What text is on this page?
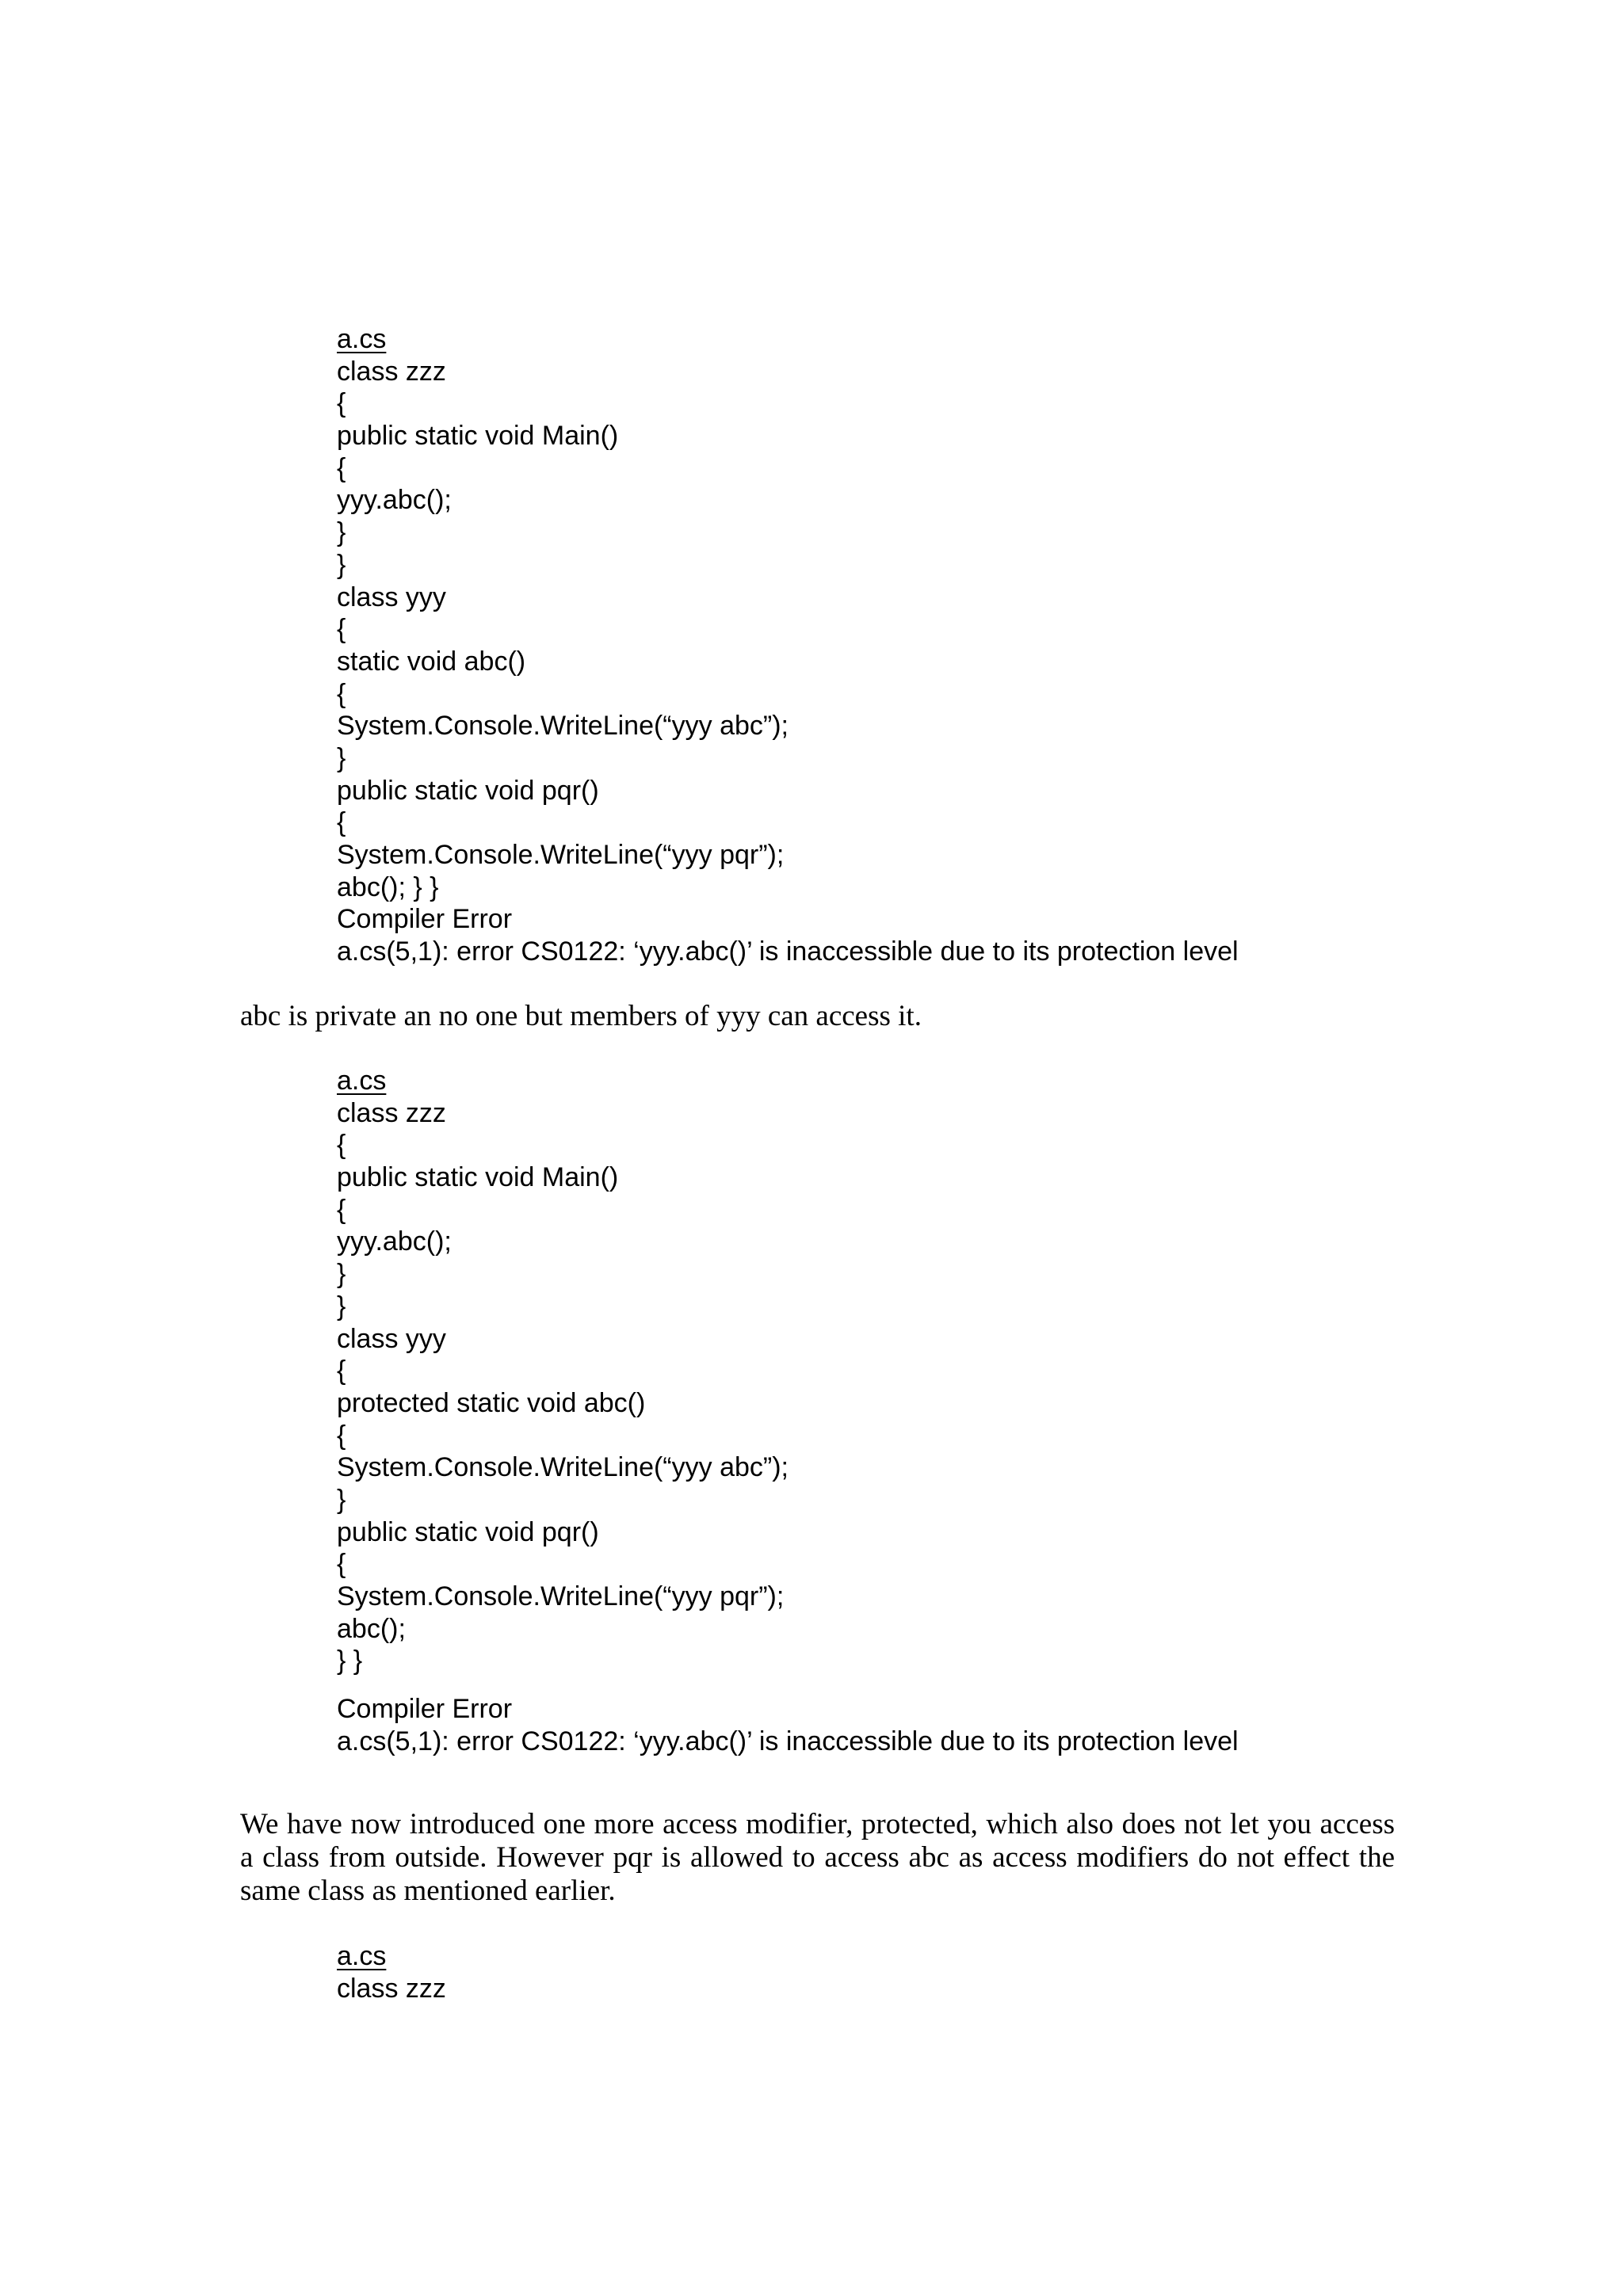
a.cs
class zzz
{
public static void Main()
{
yyy.abc();
}
}
class yyy
{
static void abc()
{
System.Console.WriteLine(“yyy abc”);
}
public static void pqr()
{
System.Console.WriteLine(“yyy pqr”);
abc(); } }
Compiler Error
a.cs(5,1): error CS0122: ‘yyy.abc()’ is inaccessible due to its protection level

abc is private an no one but members of yyy can access it.

a.cs
class zzz
{
public static void Main()
{
yyy.abc();
}
}
class yyy
{
protected static void abc()
{
System.Console.WriteLine(“yyy abc”);
}
public static void pqr()
{
System.Console.WriteLine(“yyy pqr”);
abc();
} }
Compiler Error
a.cs(5,1): error CS0122: ‘yyy.abc()’ is inaccessible due to its protection level

We have now introduced one more access modifier, protected, which also does not let you access a class from outside. However pqr is allowed to access abc as access modifiers do not effect the same class as mentioned earlier.

a.cs
class zzz
